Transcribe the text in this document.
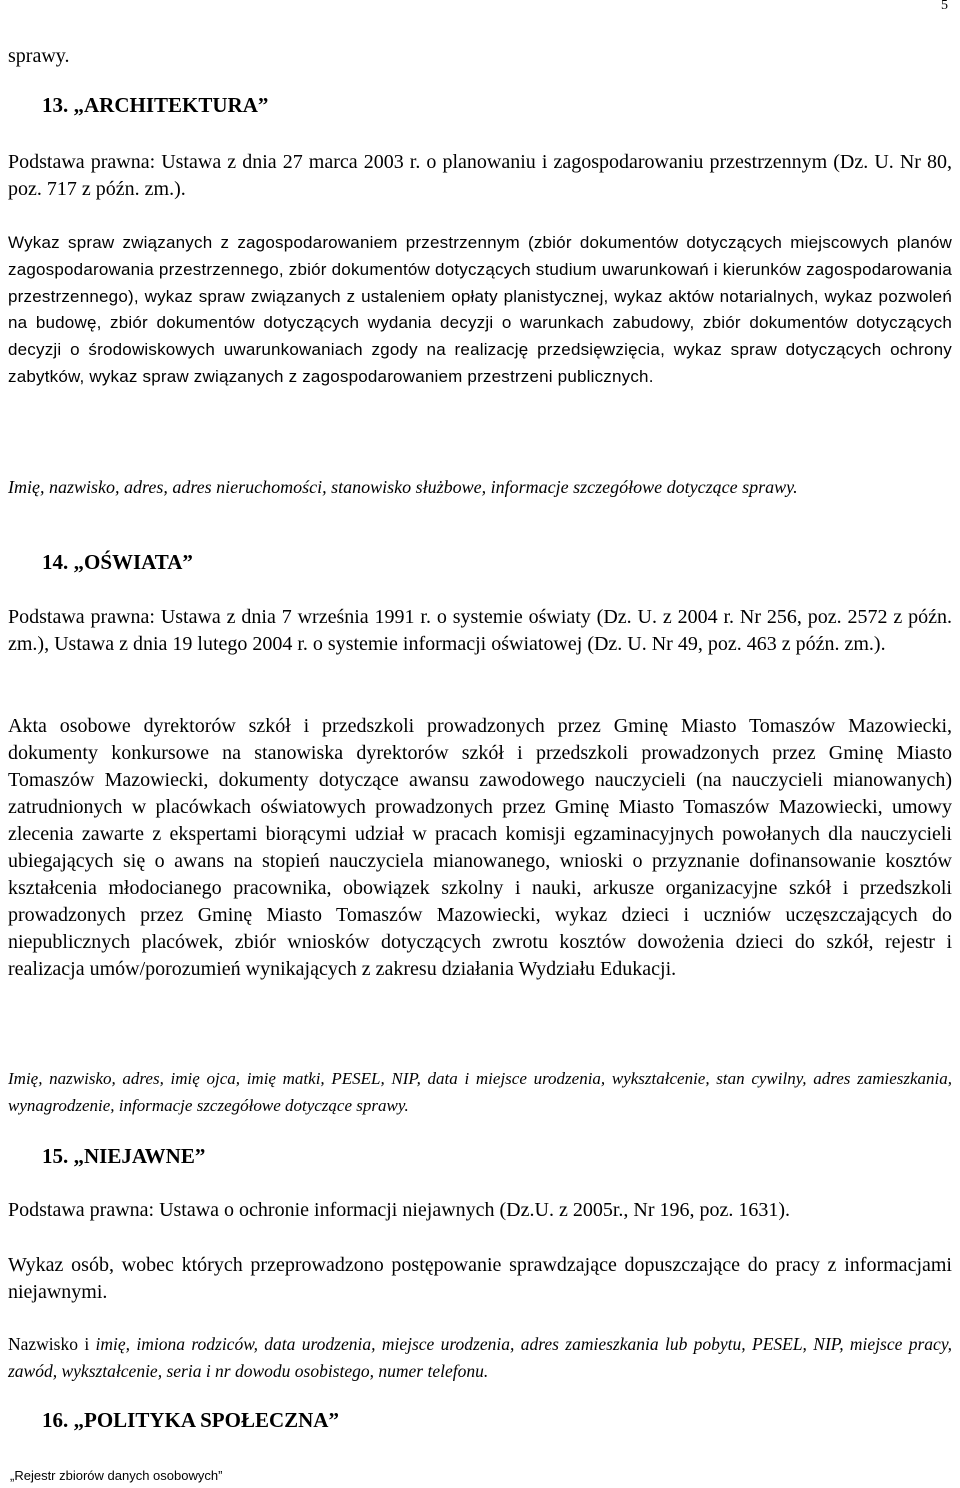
5

sprawy.

13. „ARCHITEKTURA”

Podstawa prawna: Ustawa z dnia 27 marca 2003 r. o planowaniu i zagospodarowaniu przestrzennym (Dz. U. Nr 80, poz. 717 z późn. zm.).

Wykaz spraw związanych z zagospodarowaniem przestrzennym (zbiór dokumentów dotyczących miejscowych planów zagospodarowania przestrzennego, zbiór dokumentów dotyczących studium uwarunkowań i kierunków zagospodarowania przestrzennego), wykaz spraw związanych z ustaleniem opłaty planistycznej, wykaz aktów notarialnych, wykaz pozwoleń na budowę, zbiór dokumentów dotyczących wydania decyzji o warunkach zabudowy, zbiór dokumentów dotyczących decyzji o środowiskowych uwarunkowaniach zgody na realizację przedsięwzięcia, wykaz spraw dotyczących ochrony zabytków, wykaz spraw związanych z zagospodarowaniem przestrzeni publicznych.

Imię, nazwisko, adres, adres nieruchomości, stanowisko służbowe, informacje szczegółowe dotyczące sprawy.

14. „OŚWIATA”

Podstawa prawna: Ustawa z dnia 7 września 1991 r. o systemie oświaty (Dz. U. z 2004 r. Nr 256, poz. 2572 z późn. zm.), Ustawa z dnia 19 lutego 2004 r. o systemie informacji oświatowej (Dz. U. Nr 49, poz. 463 z późn. zm.).

Akta osobowe dyrektorów szkół i przedszkoli prowadzonych przez Gminę Miasto Tomaszów Mazowiecki, dokumenty konkursowe na stanowiska dyrektorów szkół i przedszkoli prowadzonych przez Gminę Miasto Tomaszów Mazowiecki, dokumenty dotyczące awansu zawodowego nauczycieli (na nauczycieli mianowanych) zatrudnionych w placówkach oświatowych prowadzonych przez Gminę Miasto Tomaszów Mazowiecki, umowy zlecenia zawarte z ekspertami biorącymi udział w pracach komisji egzaminacyjnych powołanych dla nauczycieli ubiegających się o awans na stopień nauczyciela mianowanego, wnioski o przyznanie dofinansowanie kosztów kształcenia młodocianego pracownika, obowiązek szkolny i nauki, arkusze organizacyjne szkół i przedszkoli prowadzonych przez Gminę Miasto Tomaszów Mazowiecki, wykaz dzieci i uczniów uczęszczających do niepublicznych placówek, zbiór wniosków dotyczących zwrotu kosztów dowożenia dzieci do szkół, rejestr i realizacja umów/porozumień wynikających z zakresu działania Wydziału Edukacji.

Imię, nazwisko, adres, imię ojca, imię matki, PESEL, NIP, data i miejsce urodzenia, wykształcenie, stan cywilny, adres zamieszkania, wynagrodzenie, informacje szczegółowe dotyczące sprawy.

15. „NIEJAWNE”

Podstawa prawna: Ustawa o ochronie informacji niejawnych (Dz.U. z 2005r., Nr 196, poz. 1631).

Wykaz osób, wobec których przeprowadzono postępowanie sprawdzające dopuszczające do pracy z informacjami niejawnymi.

Nazwisko i imię, imiona rodziców, data urodzenia, miejsce urodzenia, adres zamieszkania lub pobytu, PESEL, NIP, miejsce pracy, zawód, wykształcenie, seria i nr dowodu osobistego, numer telefonu.

16. „POLITYKA SPOŁECZNA”
„Rejestr zbiorów danych osobowych”
